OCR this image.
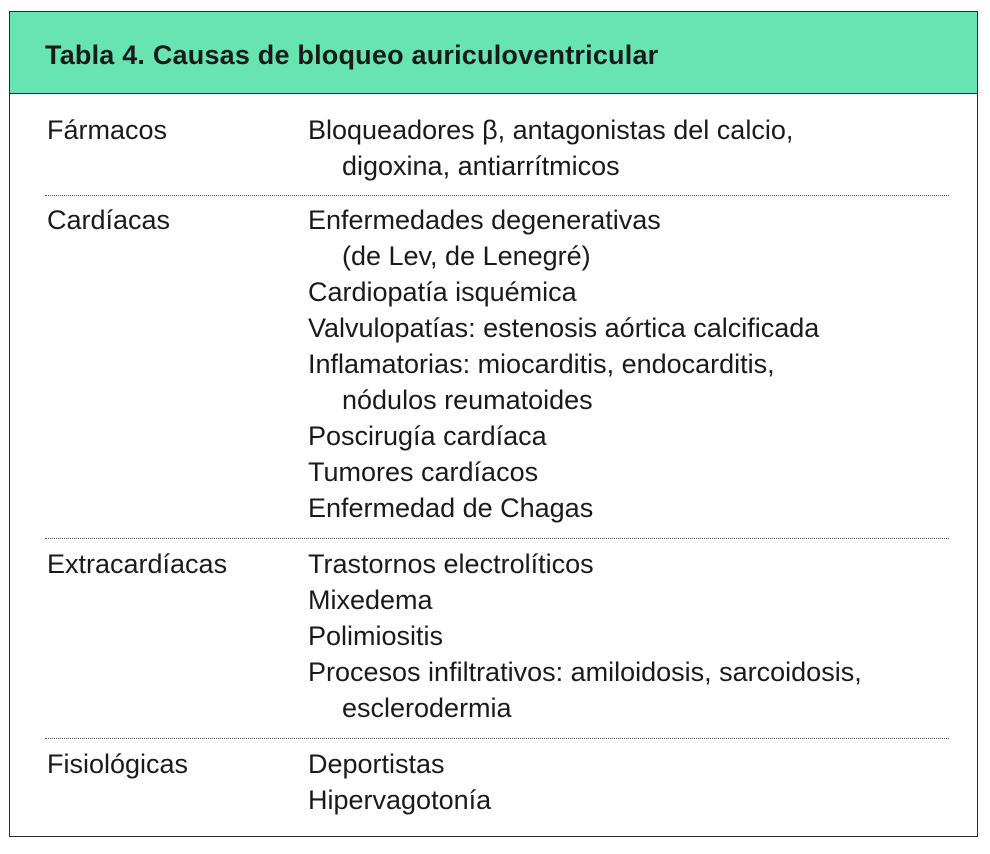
Tabla 4. Causas de bloqueo auriculoventricular
Fármacos	Bloqueadores β, antagonistas del calcio,
digoxina, antiarrítmicos
Cardíacas	Enfermedades degenerativas
(de Lev, de Lenegré)
Cardiopatía isquémica
Valvulopatías: estenosis aórtica calcificada
Inflamatorias: miocarditis, endocarditis,
nódulos reumatoides
Poscirugía cardíaca
Tumores cardíacos
Enfermedad de Chagas
Extracardíacas	Trastornos electrolíticos
Mixedema
Polimiositis
Procesos infiltrativos: amiloidosis, sarcoidosis,
esclerodermia
Fisiológicas	Deportistas
Hipervagotonía
